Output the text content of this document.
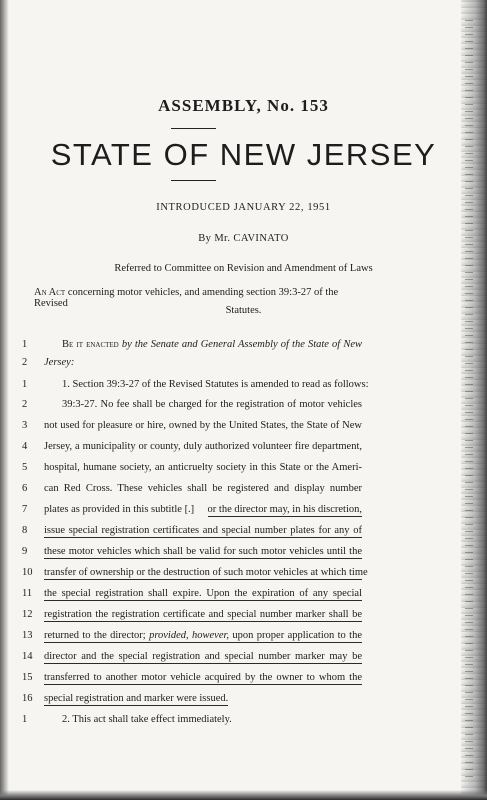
ASSEMBLY, No. 153
STATE OF NEW JERSEY
INTRODUCED JANUARY 22, 1951
By Mr. CAVINATO
Referred to Committee on Revision and Amendment of Laws
An Act concerning motor vehicles, and amending section 39:3-27 of the Revised
Statutes.
1	Be it enacted by the Senate and General Assembly of the State of New
2	Jersey:
1	1. Section 39:3-27 of the Revised Statutes is amended to read as follows:
2	39:3-27. No fee shall be charged for the registration of motor vehicles
3	not used for pleasure or hire, owned by the United States, the State of New
4	Jersey, a municipality or county, duly authorized volunteer fire department,
5	hospital, humane society, an anticruelty society in this State or the Ameri-
6	can Red Cross. These vehicles shall be registered and display number
7	plates as provided in this subtitle [.] or the director may, in his discretion,
8	issue special registration certificates and special number plates for any of
9	these motor vehicles which shall be valid for such motor vehicles until the
10	transfer of ownership or the destruction of such motor vehicles at which time
11	the special registration shall expire. Upon the expiration of any special
12	registration the registration certificate and special number marker shall be
13	returned to the director; provided, however, upon proper application to the
14	director and the special registration and special number marker may be
15	transferred to another motor vehicle acquired by the owner to whom the
16	special registration and marker were issued.
1	2. This act shall take effect immediately.
